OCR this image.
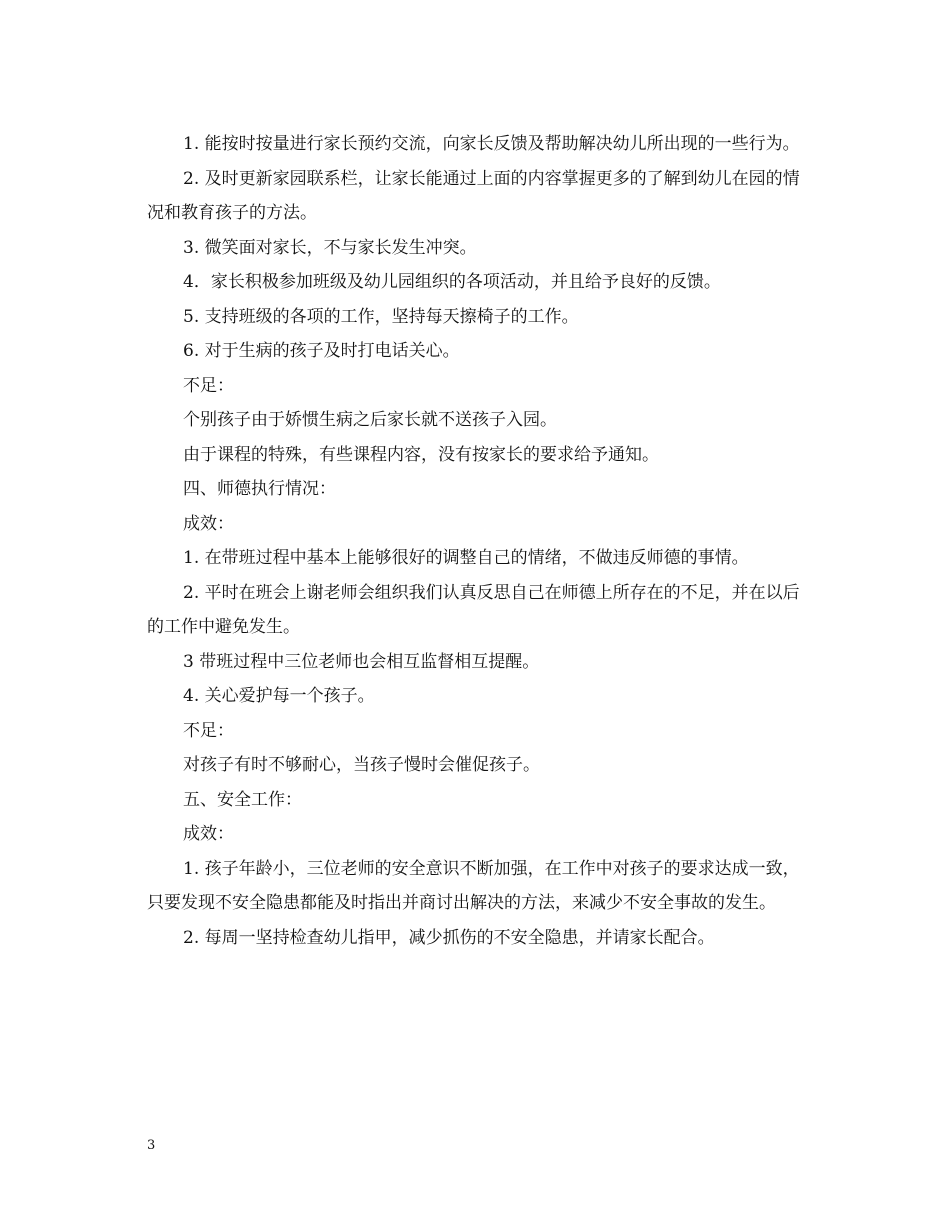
1. 能按时按量进行家长预约交流，向家长反馈及帮助解决幼儿所出现的一些行为。

2. 及时更新家园联系栏，让家长能通过上面的内容掌握更多的了解到幼儿在园的情况和教育孩子的方法。

3. 微笑面对家长，不与家长发生冲突。

4．家长积极参加班级及幼儿园组织的各项活动，并且给予良好的反馈。

5. 支持班级的各项的工作，坚持每天擦椅子的工作。

6. 对于生病的孩子及时打电话关心。

不足：

个别孩子由于娇惯生病之后家长就不送孩子入园。

由于课程的特殊，有些课程内容，没有按家长的要求给予通知。

四、师德执行情况：

成效：

1. 在带班过程中基本上能够很好的调整自己的情绪，不做违反师德的事情。

2. 平时在班会上谢老师会组织我们认真反思自己在师德上所存在的不足，并在以后的工作中避免发生。

3 带班过程中三位老师也会相互监督相互提醒。

4. 关心爱护每一个孩子。

不足：

对孩子有时不够耐心，当孩子慢时会催促孩子。

五、安全工作：

成效：

1. 孩子年龄小，三位老师的安全意识不断加强，在工作中对孩子的要求达成一致，只要发现不安全隐患都能及时指出并商讨出解决的方法，来减少不安全事故的发生。

2. 每周一坚持检查幼儿指甲，减少抓伤的不安全隐患，并请家长配合。

3
